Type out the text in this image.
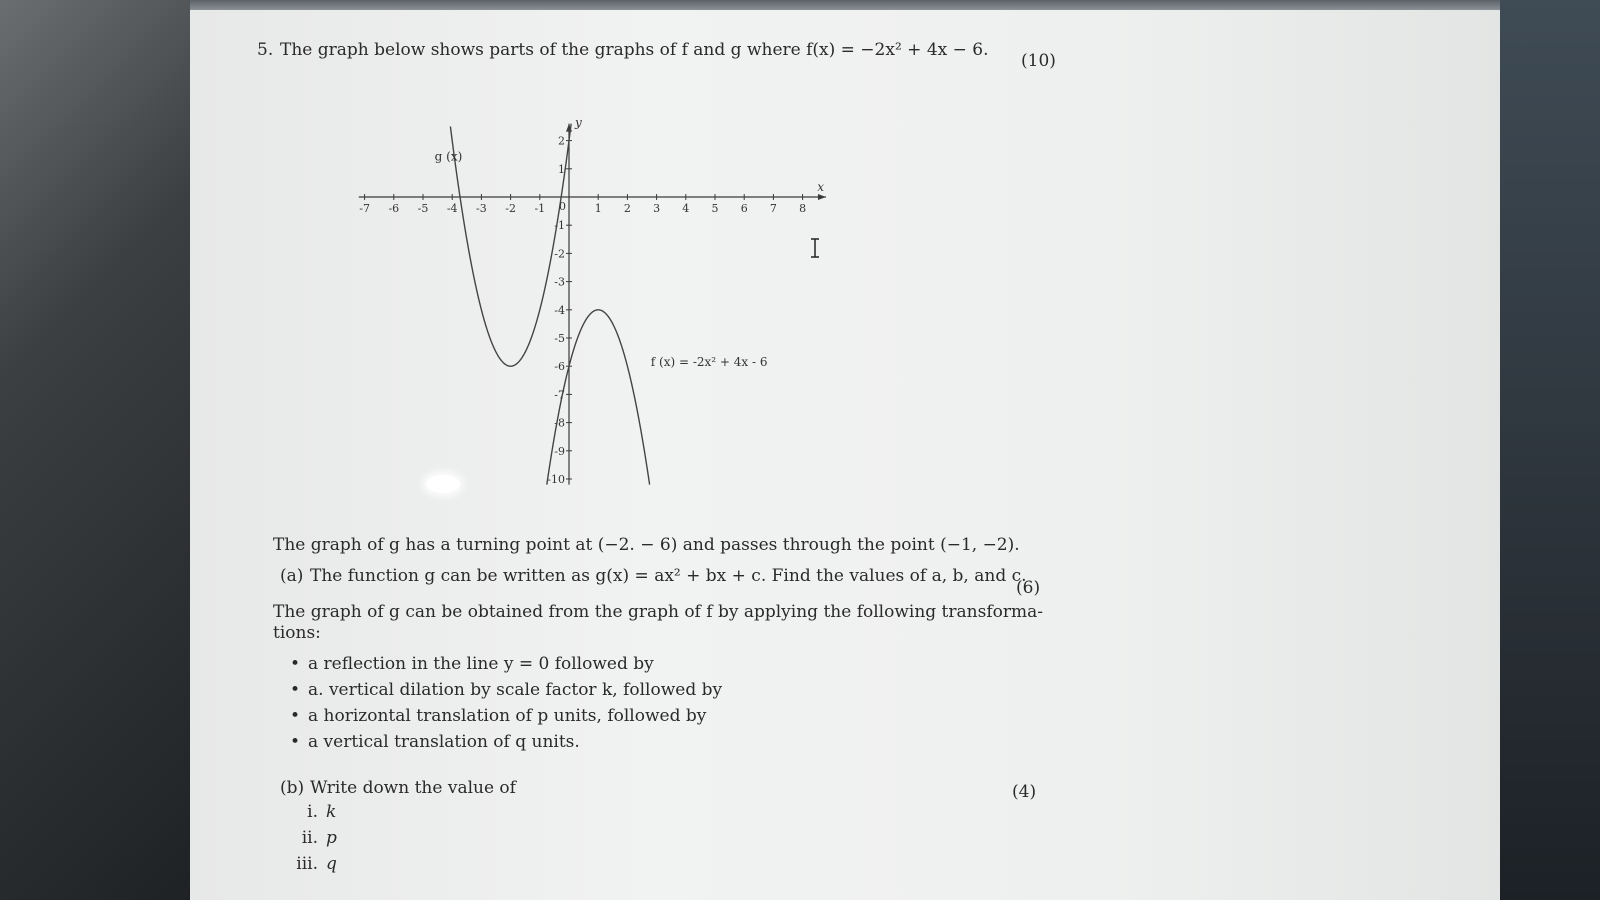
5. The graph below shows parts of the graphs of f and g where f(x) = −2x² + 4x − 6.
(10)
-7 -6 -5 -4 -3 -2 -1	1 2 3 4 5 6 7 8
2
1
-1
-2
-3
-4
-5
-6
-7
-8
-9
-10
g (x)
f (x) = -2x² + 4x - 6
x
y
0
The graph of g has a turning point at (−2. − 6) and passes through the point (−1, −2).
(a) The function g can be written as g(x) = ax² + bx + c. Find the values of a, b, and c.
(6)
The graph of g can be obtained from the graph of f by applying the following transforma-
tions:
• a reflection in the line y = 0 followed by
• a. vertical dilation by scale factor k, followed by
• a horizontal translation of p units, followed by
• a vertical translation of q units.
(b) Write down the value of	(4)
i. k
ii. p
iii. q
